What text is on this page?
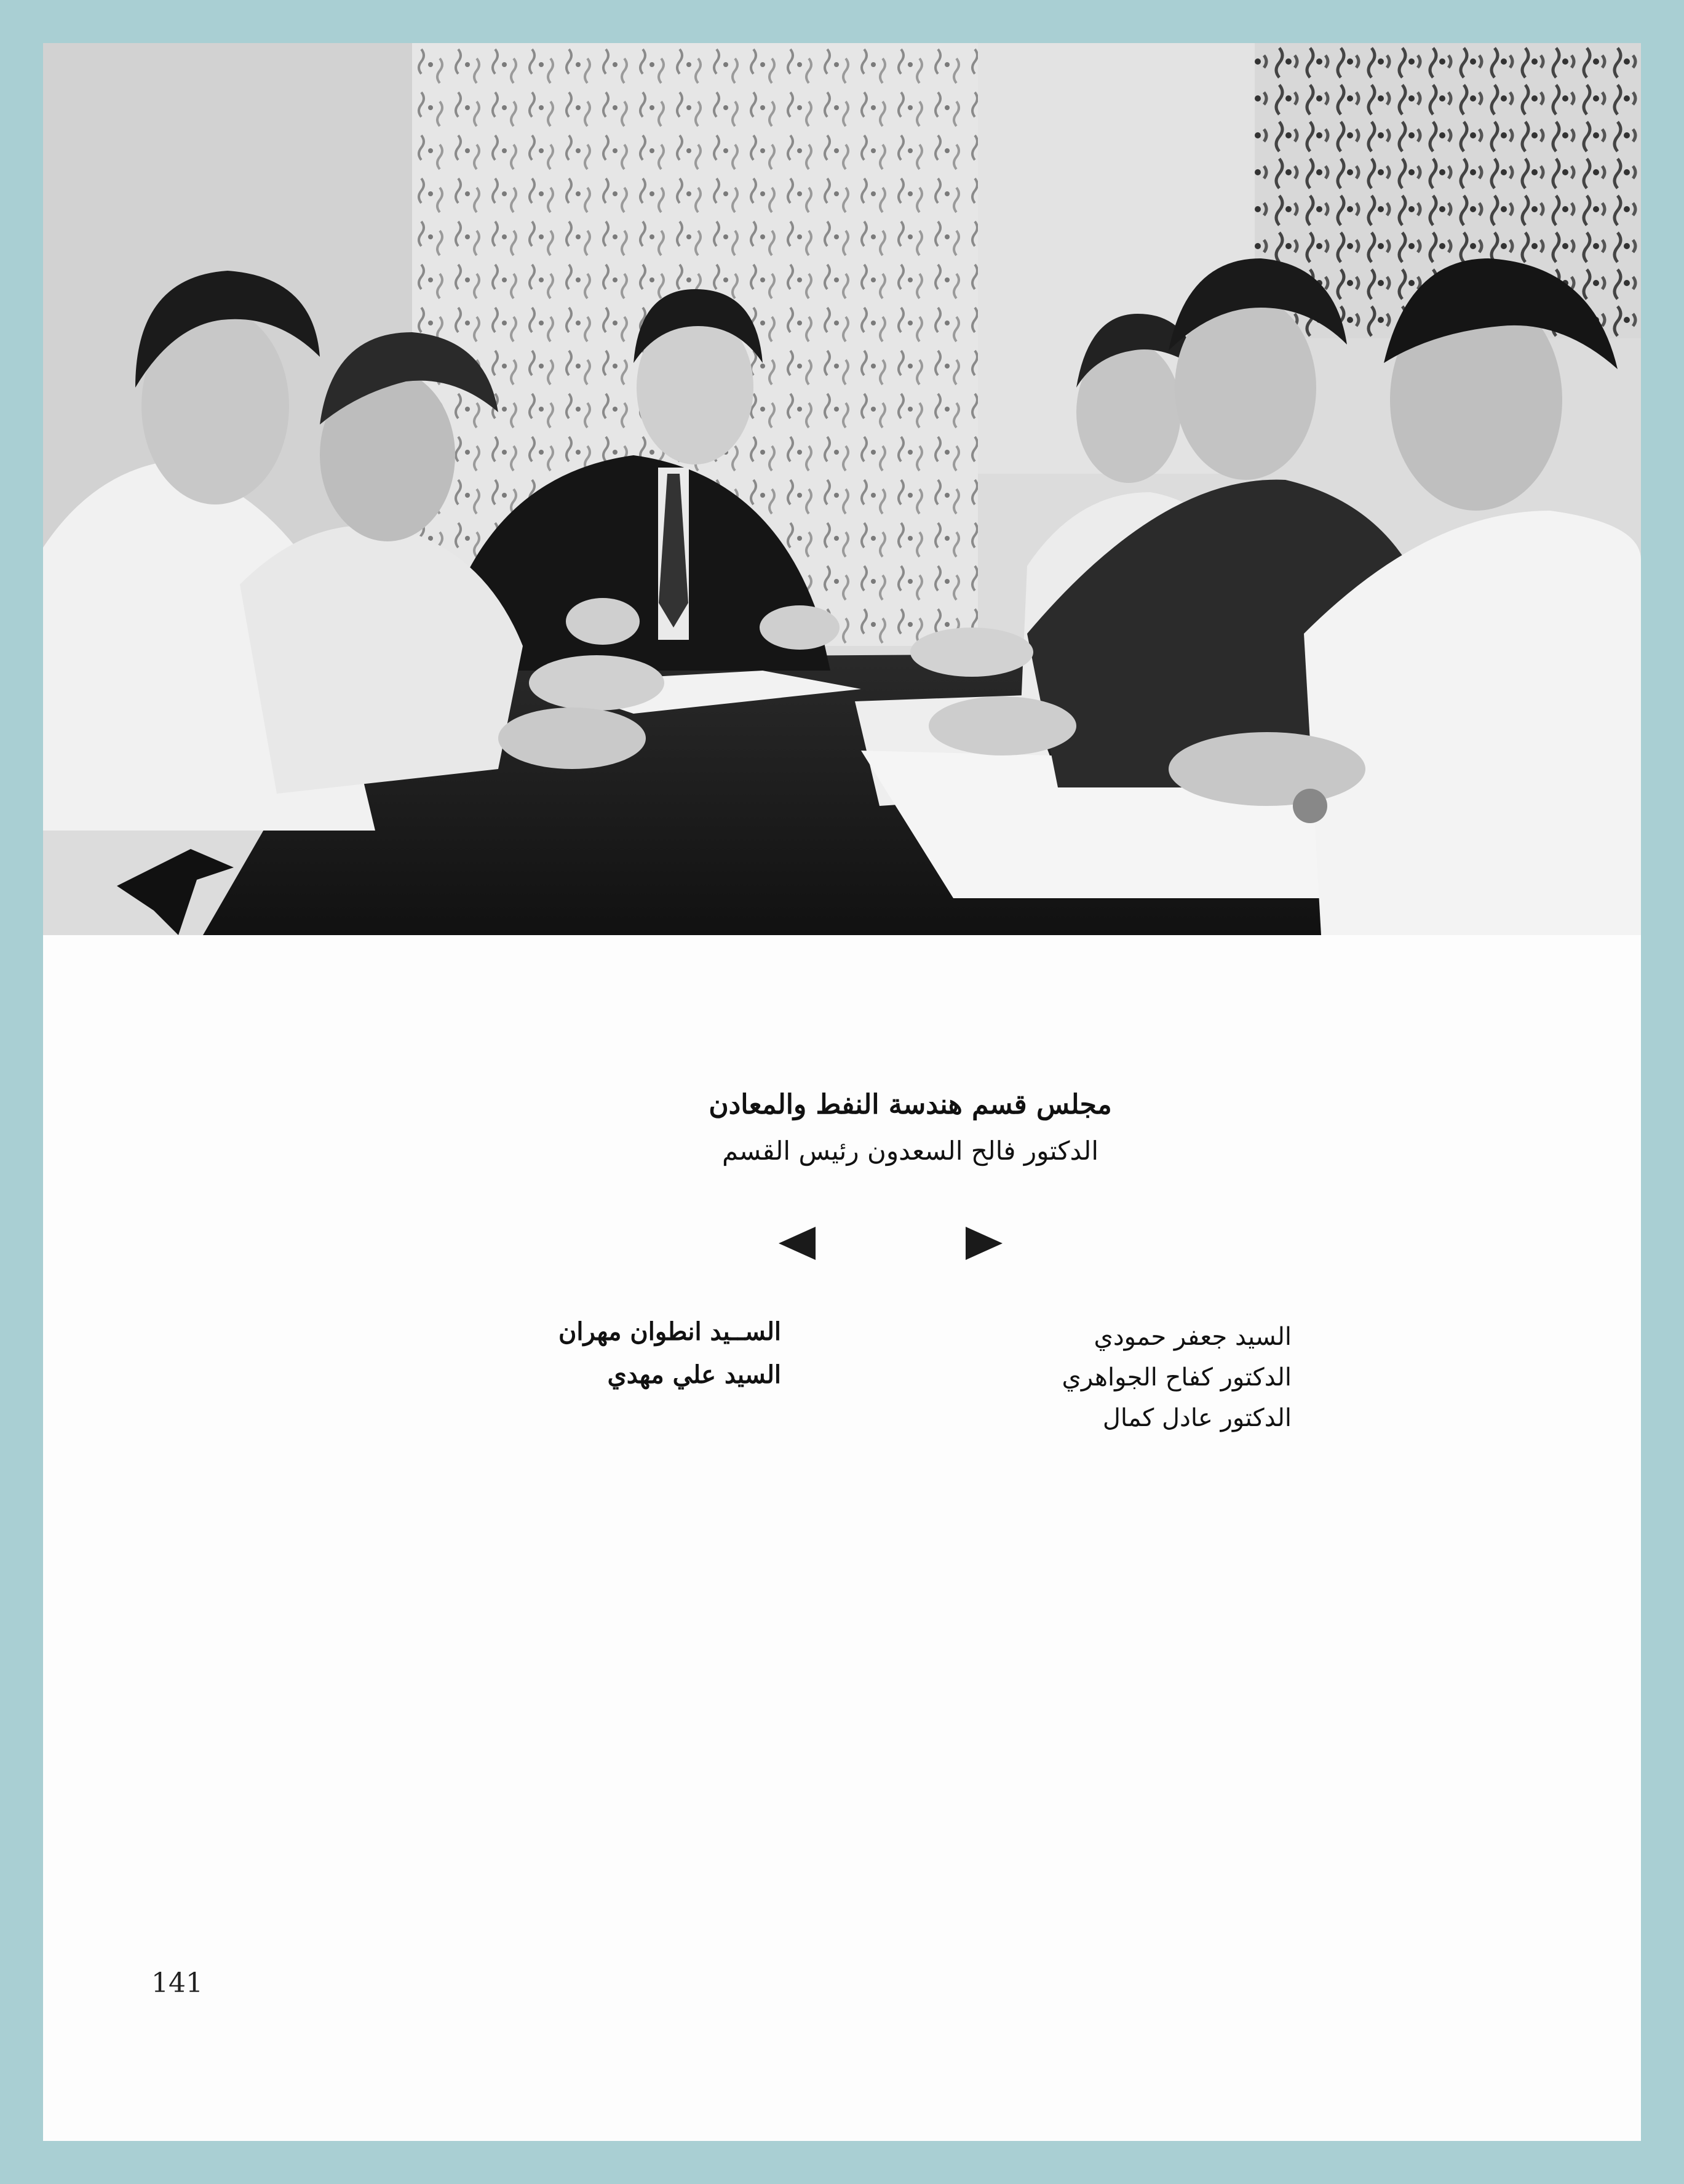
مجلس قسم هندسة النفط والمعادن
الدكتور فالح السعدون رئيس القسم
السيد جعفر حمودي
الدكتور كفاح الجواهري
الدكتور عادل كمال
الســيد انطوان مهران
السيد علي مهدي
141
